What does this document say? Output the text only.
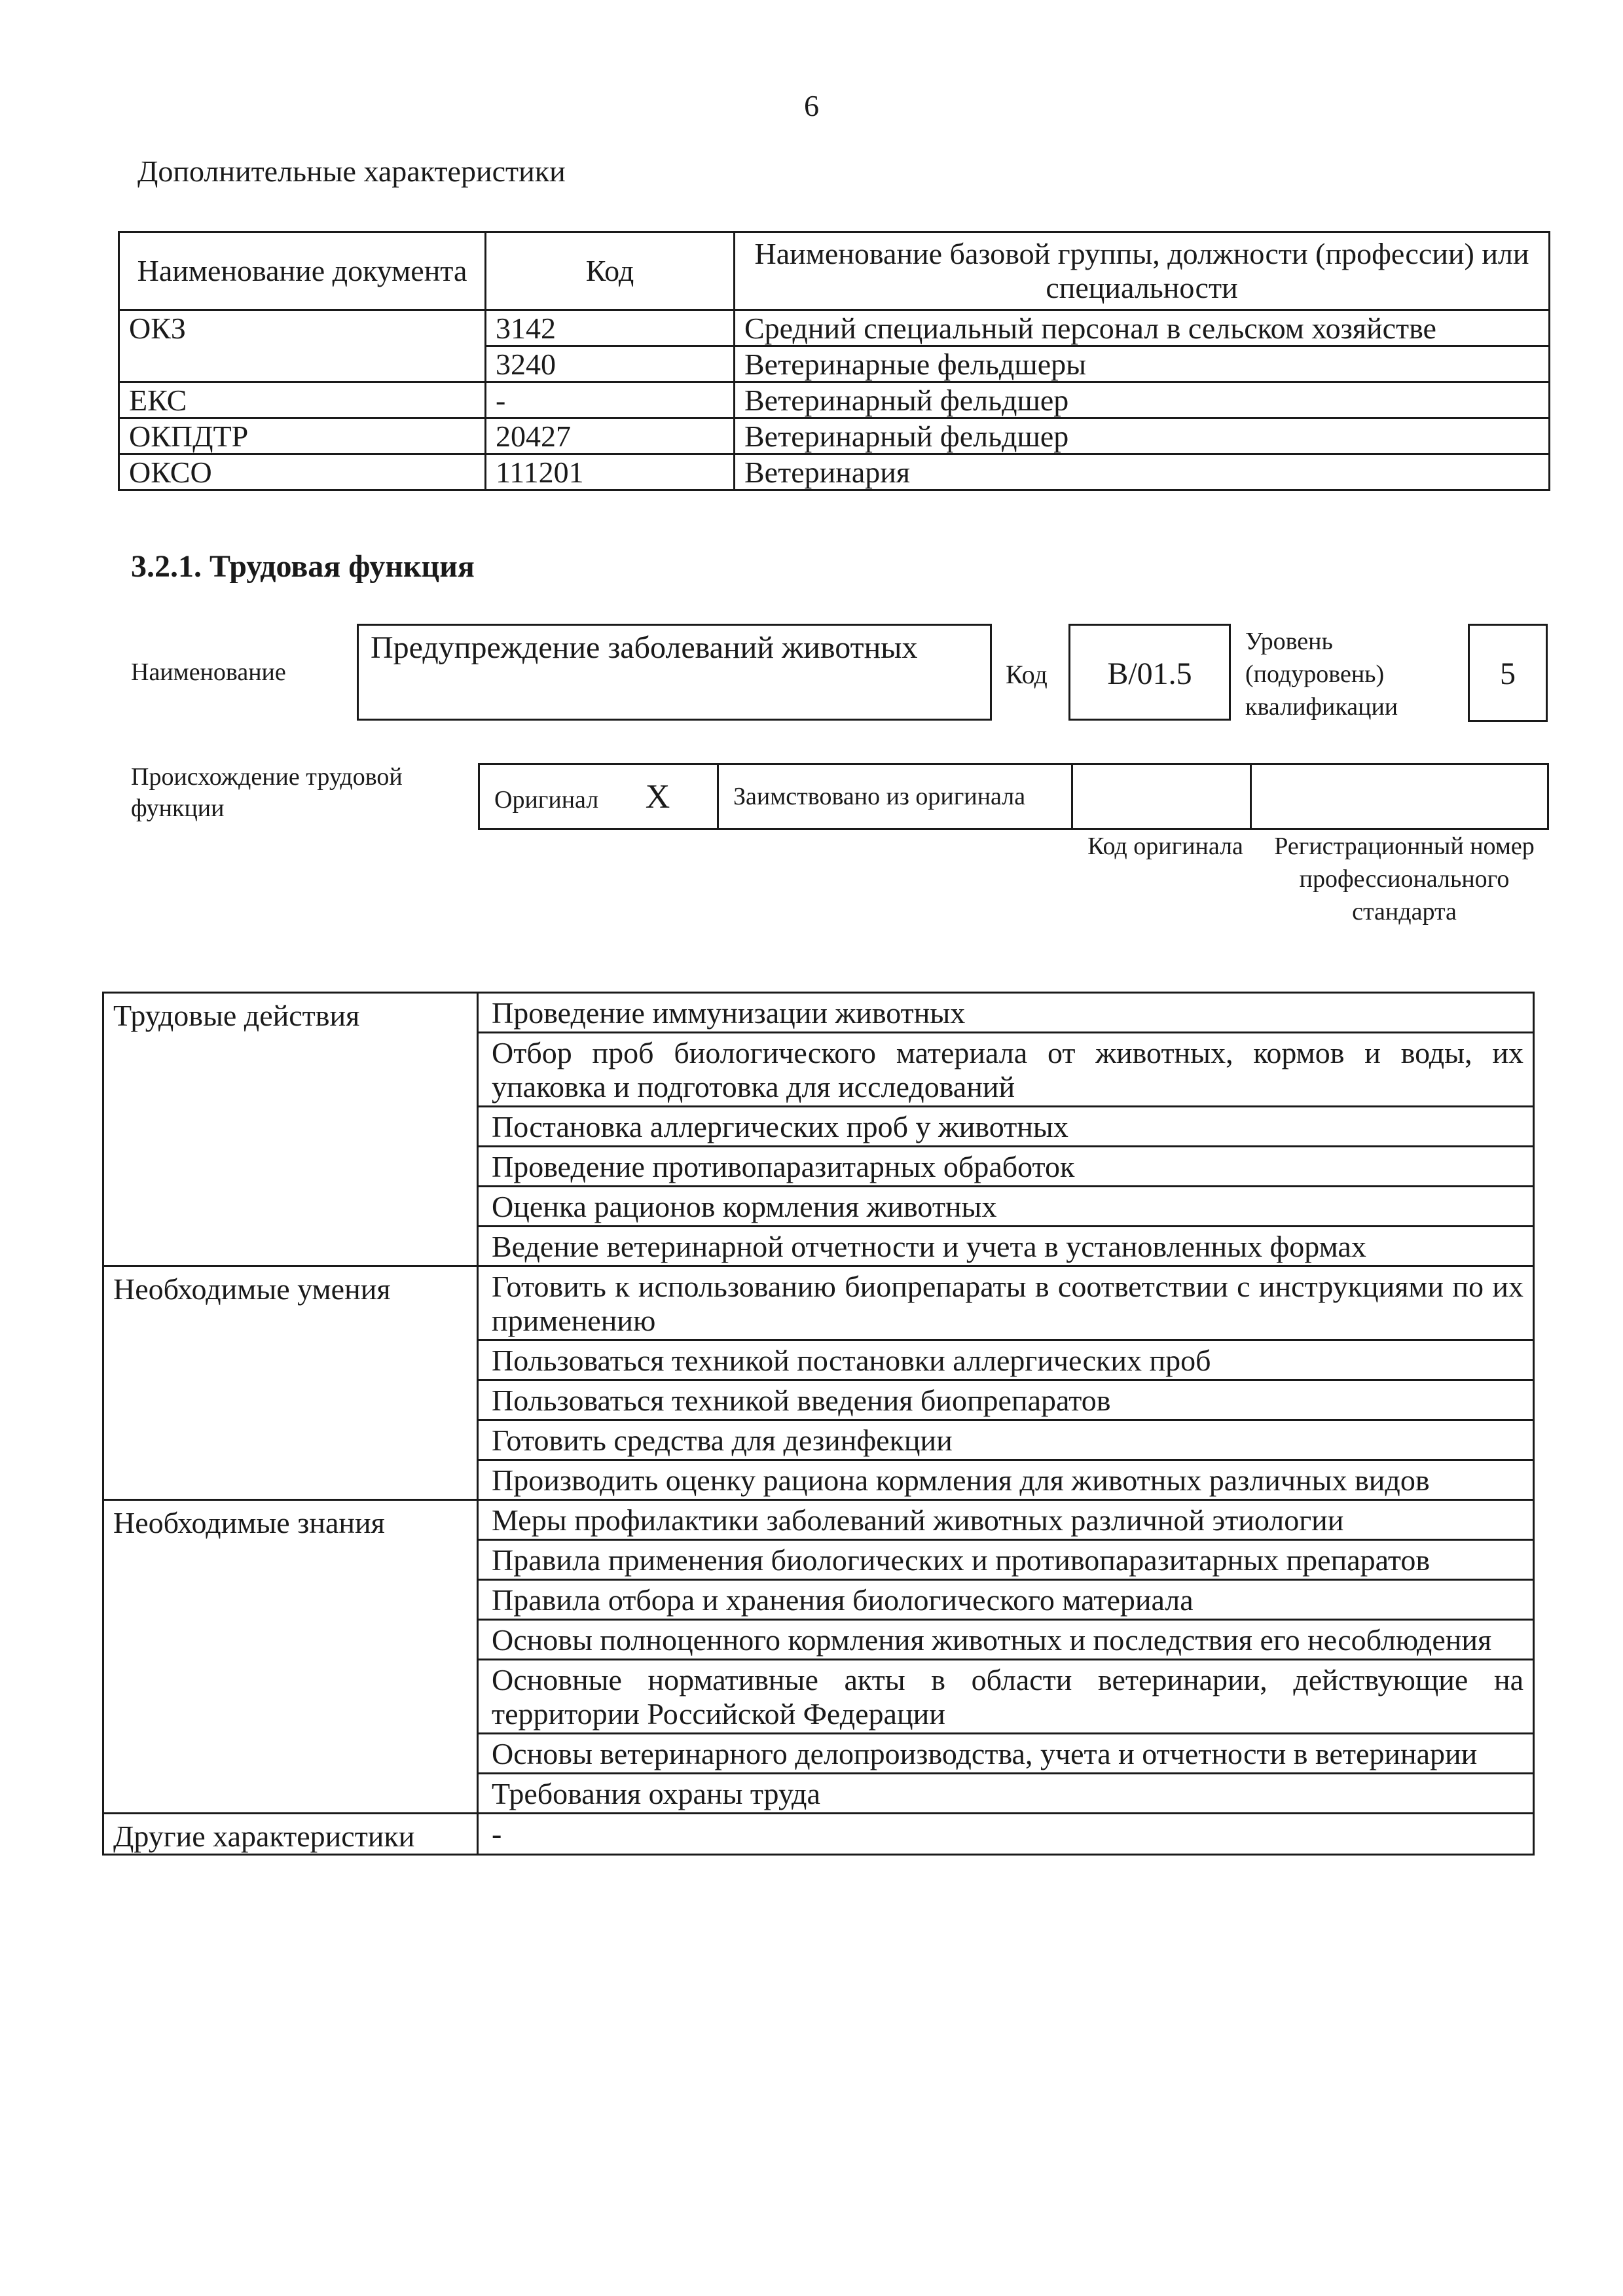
6
Дополнительные характеристики
Наименование документа	Код	Наименование базовой группы, должности (профессии) или специальности
ОКЗ	3142	Средний специальный персонал в сельском хозяйстве
	3240	Ветеринарные фельдшеры
ЕКС	-	Ветеринарный фельдшер
ОКПДТР	20427	Ветеринарный фельдшер
ОКСО	111201	Ветеринария
3.2.1. Трудовая функция
Наименование
Предупреждение заболеваний животных
Код	B/01.5
Уровень (подуровень) квалификации
5
Происхождение трудовой функции	Оригинал X	Заимствовано из оригинала		
Код оригинала	Регистрационный номер профессионального стандарта
Трудовые действия	Проведение иммунизации животных
	Отбор проб биологического материала от животных, кормов и воды, их упаковка и подготовка для исследований
	Постановка аллергических проб у животных
	Проведение противопаразитарных обработок
	Оценка рационов кормления животных
	Ведение ветеринарной отчетности и учета в установленных формах
Необходимые умения	Готовить к использованию биопрепараты в соответствии с инструкциями по их применению
	Пользоваться техникой постановки аллергических проб
	Пользоваться техникой введения биопрепаратов
	Готовить средства для дезинфекции
	Производить оценку рациона кормления для животных различных видов
Необходимые знания	Меры профилактики заболеваний животных различной этиологии
	Правила применения биологических и противопаразитарных препаратов
	Правила отбора и хранения биологического материала
	Основы полноценного кормления животных и последствия его несоблюдения
	Основные нормативные акты в области ветеринарии, действующие на территории Российской Федерации
	Основы ветеринарного делопроизводства, учета и отчетности в ветеринарии
	Требования охраны труда
Другие характеристики	-
